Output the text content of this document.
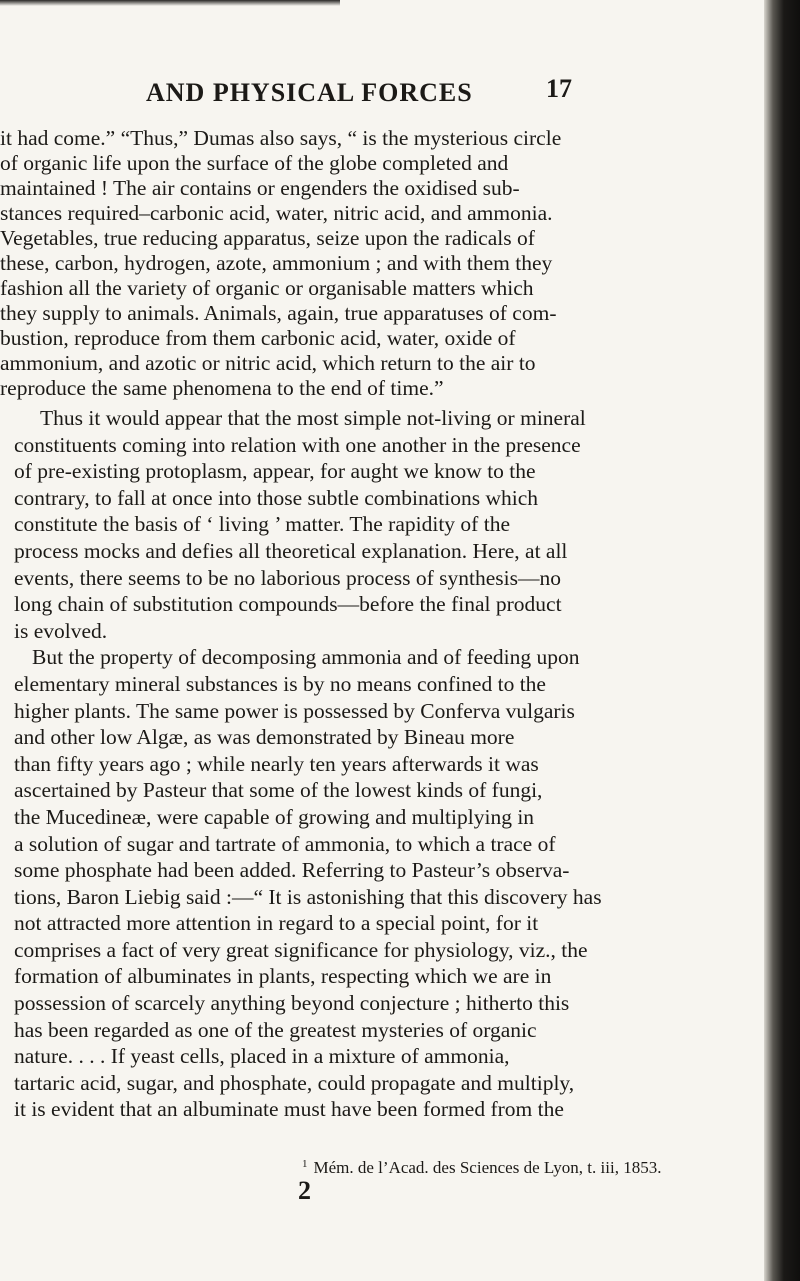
AND PHYSICAL FORCES	17
it had come.” “Thus,” Dumas also says, “ is the mysterious circle
of organic life upon the surface of the globe completed and
maintained ! The air contains or engenders the oxidised sub-
stances required–carbonic acid, water, nitric acid, and ammonia.
Vegetables, true reducing apparatus, seize upon the radicals of
these, carbon, hydrogen, azote, ammonium ; and with them they
fashion all the variety of organic or organisable matters which
they supply to animals. Animals, again, true apparatuses of com-
bustion, reproduce from them carbonic acid, water, oxide of
ammonium, and azotic or nitric acid, which return to the air to
reproduce the same phenomena to the end of time.”
Thus it would appear that the most simple not-living or mineral
constituents coming into relation with one another in the presence
of pre-existing protoplasm, appear, for aught we know to the
contrary, to fall at once into those subtle combinations which
constitute the basis of ‘ living ’ matter. The rapidity of the
process mocks and defies all theoretical explanation. Here, at all
events, there seems to be no laborious process of synthesis—no
long chain of substitution compounds—before the final product
is evolved.
But the property of decomposing ammonia and of feeding upon
elementary mineral substances is by no means confined to the
higher plants. The same power is possessed by Conferva vulgaris
and other low Algæ, as was demonstrated by Bineau more
than fifty years ago ; while nearly ten years afterwards it was
ascertained by Pasteur that some of the lowest kinds of fungi,
the Mucedineæ, were capable of growing and multiplying in
a solution of sugar and tartrate of ammonia, to which a trace of
some phosphate had been added. Referring to Pasteur’s observa-
tions, Baron Liebig said :—“ It is astonishing that this discovery has
not attracted more attention in regard to a special point, for it
comprises a fact of very great significance for physiology, viz., the
formation of albuminates in plants, respecting which we are in
possession of scarcely anything beyond conjecture ; hitherto this
has been regarded as one of the greatest mysteries of organic
nature. . . . If yeast cells, placed in a mixture of ammonia,
tartaric acid, sugar, and phosphate, could propagate and multiply,
it is evident that an albuminate must have been formed from the
$^1$ Mém. de l’Acad. des Sciences de Lyon, t. iii, 1853.
2
